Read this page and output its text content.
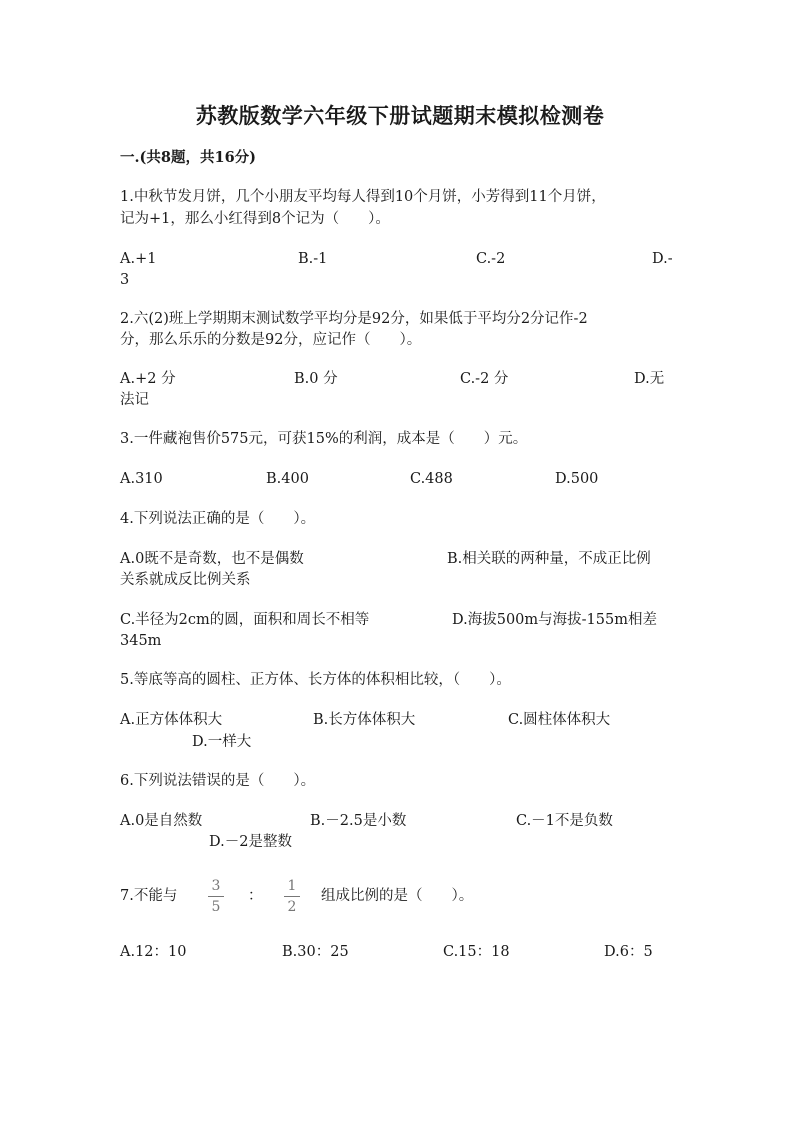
苏教版数学六年级下册试题期末模拟检测卷
一.(共8题，共16分)
1.中秋节发月饼，几个小朋友平均每人得到10个月饼，小芳得到11个月饼，
记为+1，那么小红得到8个记为（　　）。
A.+1	B.-1	C.-2	D.-
3
2.六(2)班上学期期末测试数学平均分是92分，如果低于平均分2分记作-2
分，那么乐乐的分数是92分，应记作（　　）。
A.+2 分	B.0 分	C.-2 分	D.无
法记
3.一件藏袍售价575元，可获15%的利润，成本是（　　）元。
A.310	B.400	C.488	D.500
4.下列说法正确的是（　　）。
A.0既不是奇数，也不是偶数	B.相关联的两种量，不成正比例
关系就成反比例关系
C.半径为2cm的圆，面积和周长不相等	D.海拔500m与海拔-155m相差
345m
5.等底等高的圆柱、正方体、长方体的体积相比较，（　　）。
A.正方体体积大	B.长方体体积大	C.圆柱体体积大
D.一样大
6.下列说法错误的是（　　）。
A.0是自然数	B.－2.5是小数	C.－1不是负数
D.－2是整数
7.不能与
3
5
：
1
2
组成比例的是（　　）。
A.12：10	B.30：25	C.15：18	D.6：5
